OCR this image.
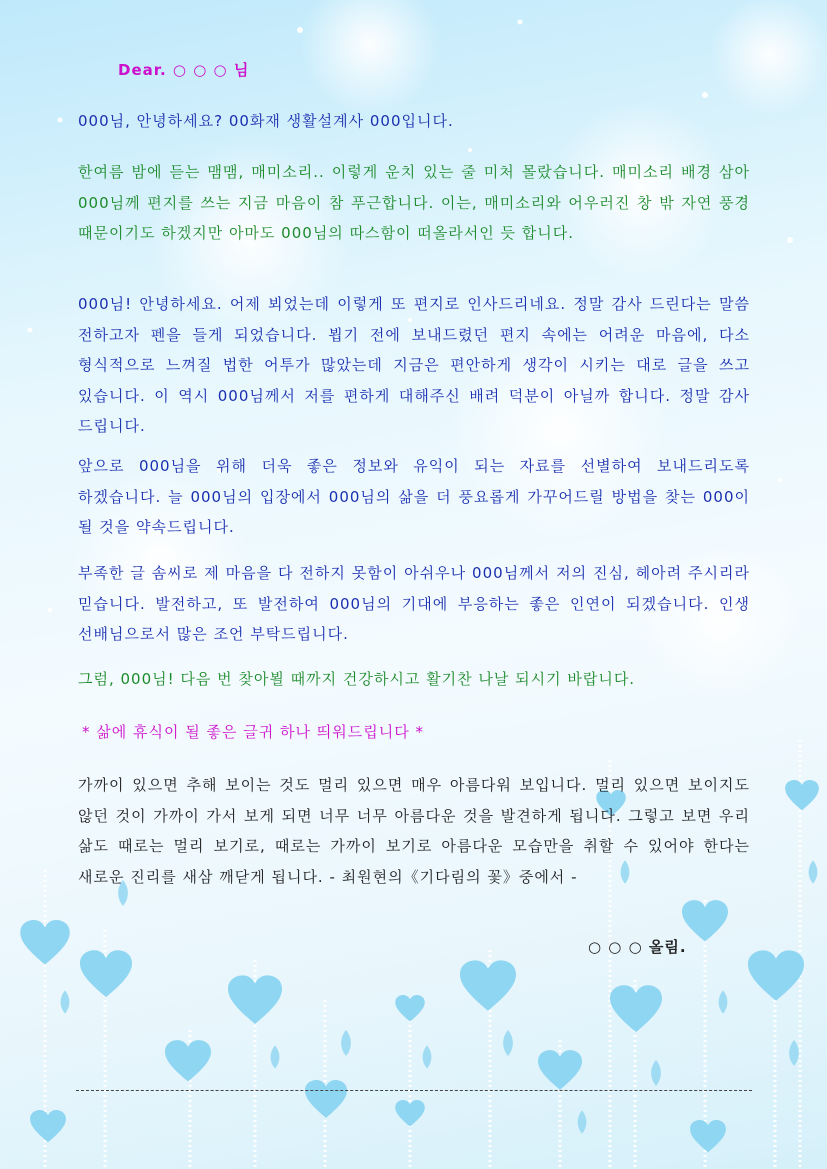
Dear. ○ ○ ○ 님
000님, 안녕하세요? 00화재 생활설계사 000입니다.
한여름 밤에 듣는 맴맴, 매미소리.. 이렇게 운치 있는 줄 미처 몰랐습니다. 매미소리 배경 삼아 000님께 편지를 쓰는 지금 마음이 참 푸근합니다. 이는, 매미소리와 어우러진 창 밖 자연 풍경 때문이기도 하겠지만 아마도 000님의 따스함이 떠올라서인 듯 합니다.
000님! 안녕하세요. 어제 뵈었는데 이렇게 또 편지로 인사드리네요. 정말 감사 드린다는 말씀 전하고자 펜을 들게 되었습니다. 뵙기 전에 보내드렸던 편지 속에는 어려운 마음에, 다소 형식적으로 느껴질 법한 어투가 많았는데 지금은 편안하게 생각이 시키는 대로 글을 쓰고 있습니다. 이 역시 000님께서 저를 편하게 대해주신 배려 덕분이 아닐까 합니다. 정말 감사 드립니다.
앞으로 000님을 위해 더욱 좋은 정보와 유익이 되는 자료를 선별하여 보내드리도록 하겠습니다. 늘 000님의 입장에서 000님의 삶을 더 풍요롭게 가꾸어드릴 방법을 찾는 000이 될 것을 약속드립니다.
부족한 글 솜씨로 제 마음을 다 전하지 못함이 아쉬우나 000님께서 저의 진심, 헤아려 주시리라 믿습니다. 발전하고, 또 발전하여 000님의 기대에 부응하는 좋은 인연이 되겠습니다. 인생 선배님으로서 많은 조언 부탁드립니다.
그럼, 000님! 다음 번 찾아뵐 때까지 건강하시고 활기찬 나날 되시기 바랍니다.
* 삶에 휴식이 될 좋은 글귀 하나 띄워드립니다 *
가까이 있으면 추해 보이는 것도 멀리 있으면 매우 아름다워 보입니다. 멀리 있으면 보이지도 않던 것이 가까이 가서 보게 되면 너무 너무 아름다운 것을 발견하게 됩니다. 그렇고 보면 우리 삶도 때로는 멀리 보기로, 때로는 가까이 보기로 아름다운 모습만을 취할 수 있어야 한다는 새로운 진리를 새삼 깨닫게 됩니다. - 최원현의《기다림의 꽃》중에서 -
○ ○ ○ 올림.
